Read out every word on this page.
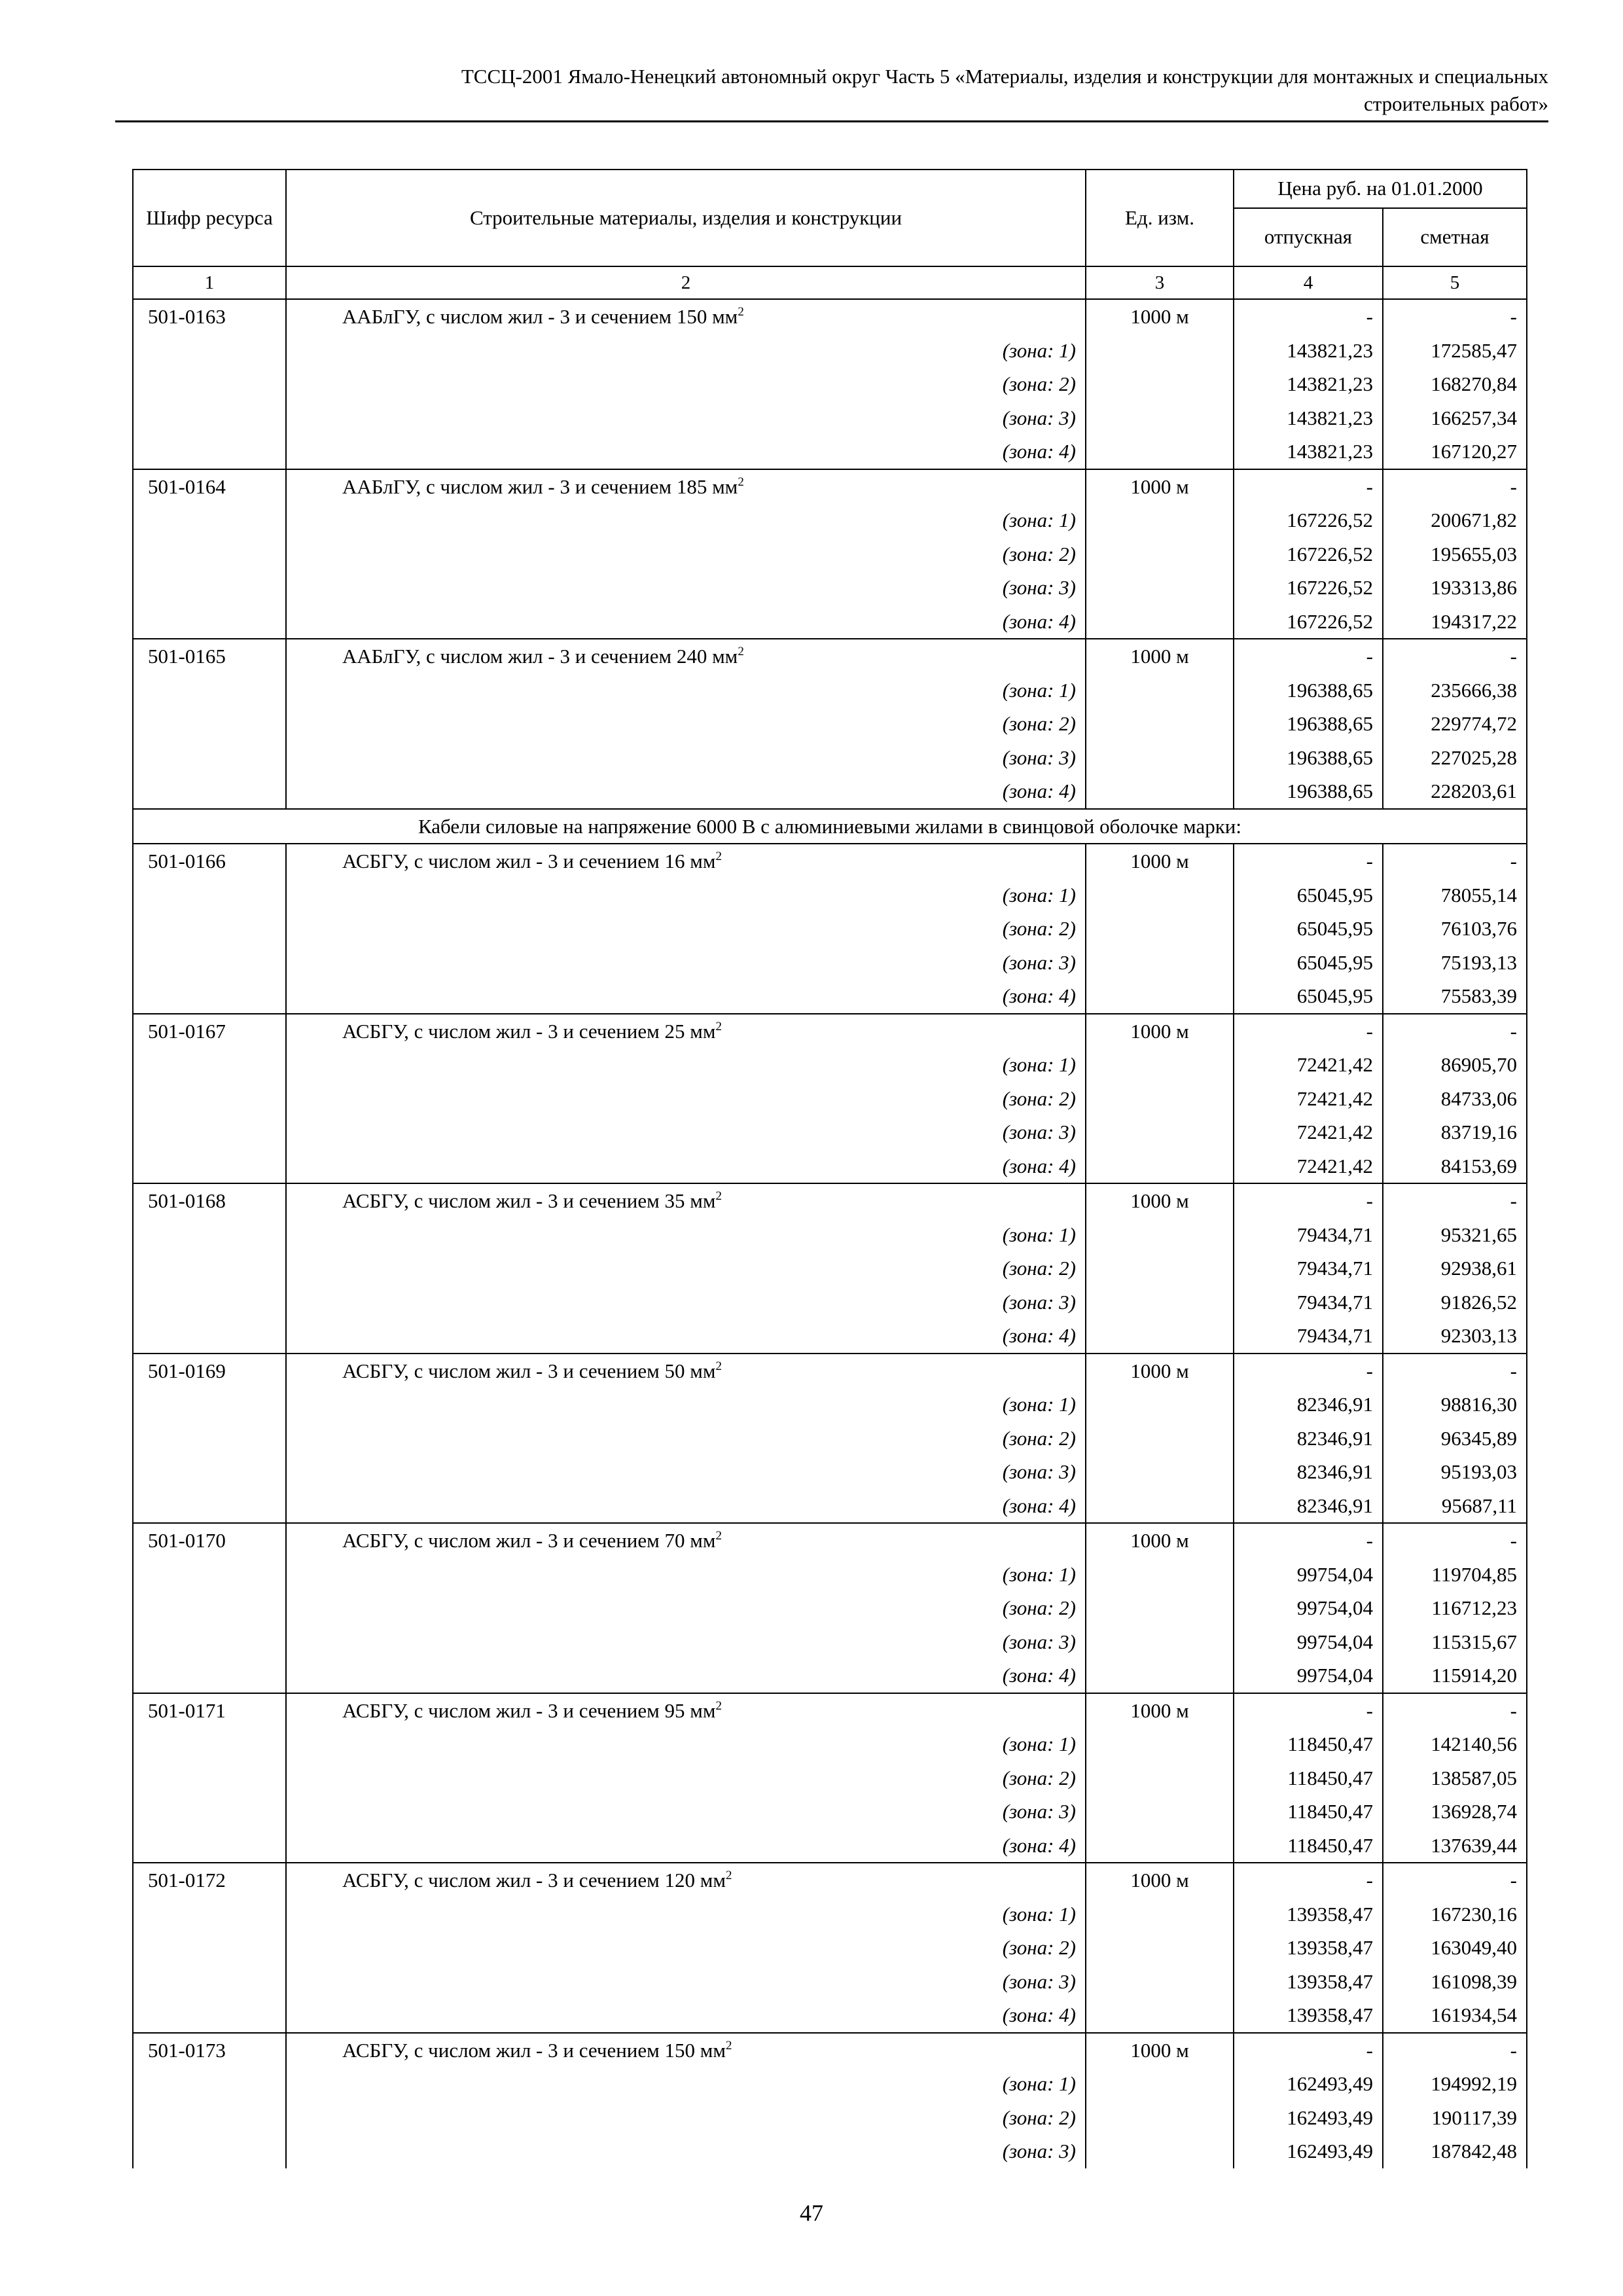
ТССЦ-2001 Ямало-Ненецкий автономный округ Часть 5 «Материалы, изделия и конструкции для монтажных и специальных
строительных работ»
Шифр ресурса	Строительные материалы, изделия и конструкции	Ед. изм.	Цена руб. на 01.01.2000	
			отпускная	сметная
1	2	3	4	5
501-0163	ААБлГУ, с числом жил - 3 и сечением 150 $мм^2$	1000 м	-	-
	(зона: 1)		143821,23	172585,47
	(зона: 2)		143821,23	168270,84
	(зона: 3)		143821,23	166257,34
	(зона: 4)		143821,23	167120,27
501-0164	ААБлГУ, с числом жил - 3 и сечением 185 $мм^2$	1000 м	-	-
	(зона: 1)		167226,52	200671,82
	(зона: 2)		167226,52	195655,03
	(зона: 3)		167226,52	193313,86
	(зона: 4)		167226,52	194317,22
501-0165	ААБлГУ, с числом жил - 3 и сечением 240 $мм^2$	1000 м	-	-
	(зона: 1)		196388,65	235666,38
	(зона: 2)		196388,65	229774,72
	(зона: 3)		196388,65	227025,28
	(зона: 4)		196388,65	228203,61
Кабели силовые на напряжение 6000 В с алюминиевыми жилами в свинцовой оболочке марки:				
501-0166	АСБГУ, с числом жил - 3 и сечением 16 $мм^2$	1000 м	-	-
	(зона: 1)		65045,95	78055,14
	(зона: 2)		65045,95	76103,76
	(зона: 3)		65045,95	75193,13
	(зона: 4)		65045,95	75583,39
501-0167	АСБГУ, с числом жил - 3 и сечением 25 $мм^2$	1000 м	-	-
	(зона: 1)		72421,42	86905,70
	(зона: 2)		72421,42	84733,06
	(зона: 3)		72421,42	83719,16
	(зона: 4)		72421,42	84153,69
501-0168	АСБГУ, с числом жил - 3 и сечением 35 $мм^2$	1000 м	-	-
	(зона: 1)		79434,71	95321,65
	(зона: 2)		79434,71	92938,61
	(зона: 3)		79434,71	91826,52
	(зона: 4)		79434,71	92303,13
501-0169	АСБГУ, с числом жил - 3 и сечением 50 $мм^2$	1000 м	-	-
	(зона: 1)		82346,91	98816,30
	(зона: 2)		82346,91	96345,89
	(зона: 3)		82346,91	95193,03
	(зона: 4)		82346,91	95687,11
501-0170	АСБГУ, с числом жил - 3 и сечением 70 $мм^2$	1000 м	-	-
	(зона: 1)		99754,04	119704,85
	(зона: 2)		99754,04	116712,23
	(зона: 3)		99754,04	115315,67
	(зона: 4)		99754,04	115914,20
501-0171	АСБГУ, с числом жил - 3 и сечением 95 $мм^2$	1000 м	-	-
	(зона: 1)		118450,47	142140,56
	(зона: 2)		118450,47	138587,05
	(зона: 3)		118450,47	136928,74
	(зона: 4)		118450,47	137639,44
501-0172	АСБГУ, с числом жил - 3 и сечением 120 $мм^2$	1000 м	-	-
	(зона: 1)		139358,47	167230,16
	(зона: 2)		139358,47	163049,40
	(зона: 3)		139358,47	161098,39
	(зона: 4)		139358,47	161934,54
501-0173	АСБГУ, с числом жил - 3 и сечением 150 $мм^2$	1000 м	-	-
	(зона: 1)		162493,49	194992,19
	(зона: 2)		162493,49	190117,39
	(зона: 3)		162493,49	187842,48
47
